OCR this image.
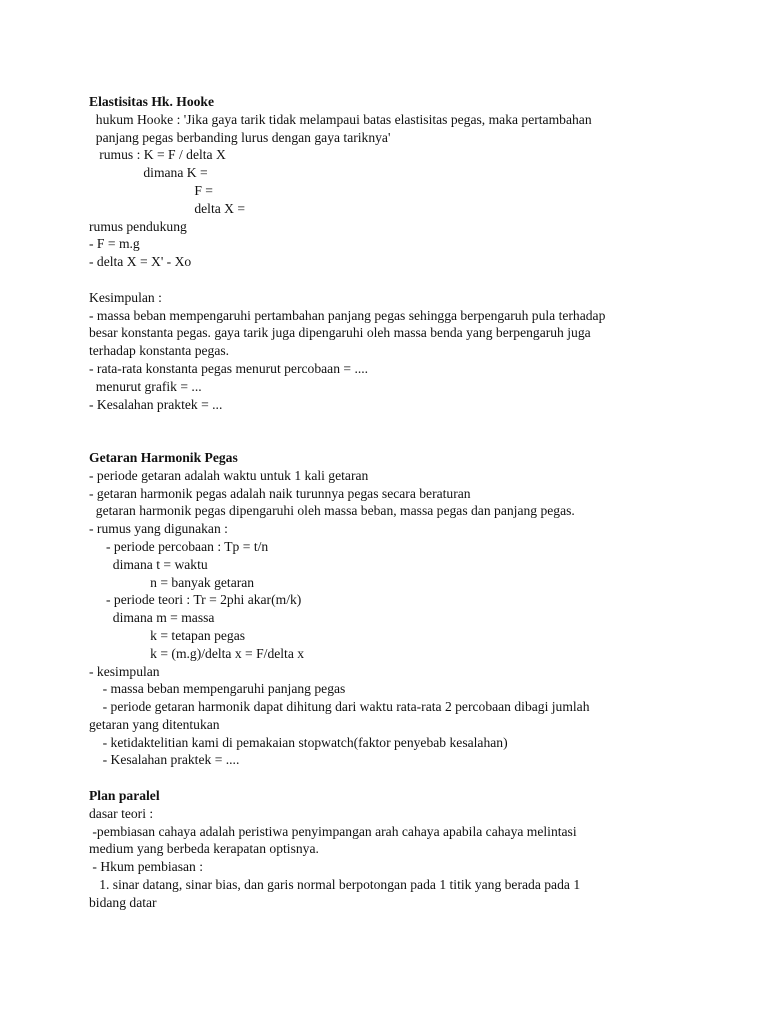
Elastisitas Hk. Hooke
hukum Hooke : 'Jika gaya tarik tidak melampaui batas elastisitas pegas, maka pertambahan
panjang pegas berbanding lurus dengan gaya tariknya'
rumus : K = F / delta X
dimana K =
F =
delta X =
rumus pendukung
- F = m.g
- delta X = X' - Xo
Kesimpulan :
- massa beban mempengaruhi pertambahan panjang pegas sehingga berpengaruh pula terhadap
besar konstanta pegas. gaya tarik juga dipengaruhi oleh massa benda yang berpengaruh juga
terhadap konstanta pegas.
- rata-rata konstanta pegas menurut percobaan = ....
menurut grafik = ...
- Kesalahan praktek = ...
Getaran Harmonik Pegas
- periode getaran adalah waktu untuk 1 kali getaran
- getaran harmonik pegas adalah naik turunnya pegas secara beraturan
getaran harmonik pegas dipengaruhi oleh massa beban, massa pegas dan panjang pegas.
- rumus yang digunakan :
- periode percobaan : Tp = t/n
dimana t = waktu
n = banyak getaran
- periode teori : Tr = 2phi akar(m/k)
dimana m = massa
k = tetapan pegas
k = (m.g)/delta x = F/delta x
- kesimpulan
- massa beban mempengaruhi panjang pegas
- periode getaran harmonik dapat dihitung dari waktu rata-rata 2 percobaan dibagi jumlah
getaran yang ditentukan
- ketidaktelitian kami di pemakaian stopwatch(faktor penyebab kesalahan)
- Kesalahan praktek = ....
Plan paralel
dasar teori :
-pembiasan cahaya adalah peristiwa penyimpangan arah cahaya apabila cahaya melintasi
medium yang berbeda kerapatan optisnya.
- Hkum pembiasan :
1. sinar datang, sinar bias, dan garis normal berpotongan pada 1 titik yang berada pada 1
bidang datar
